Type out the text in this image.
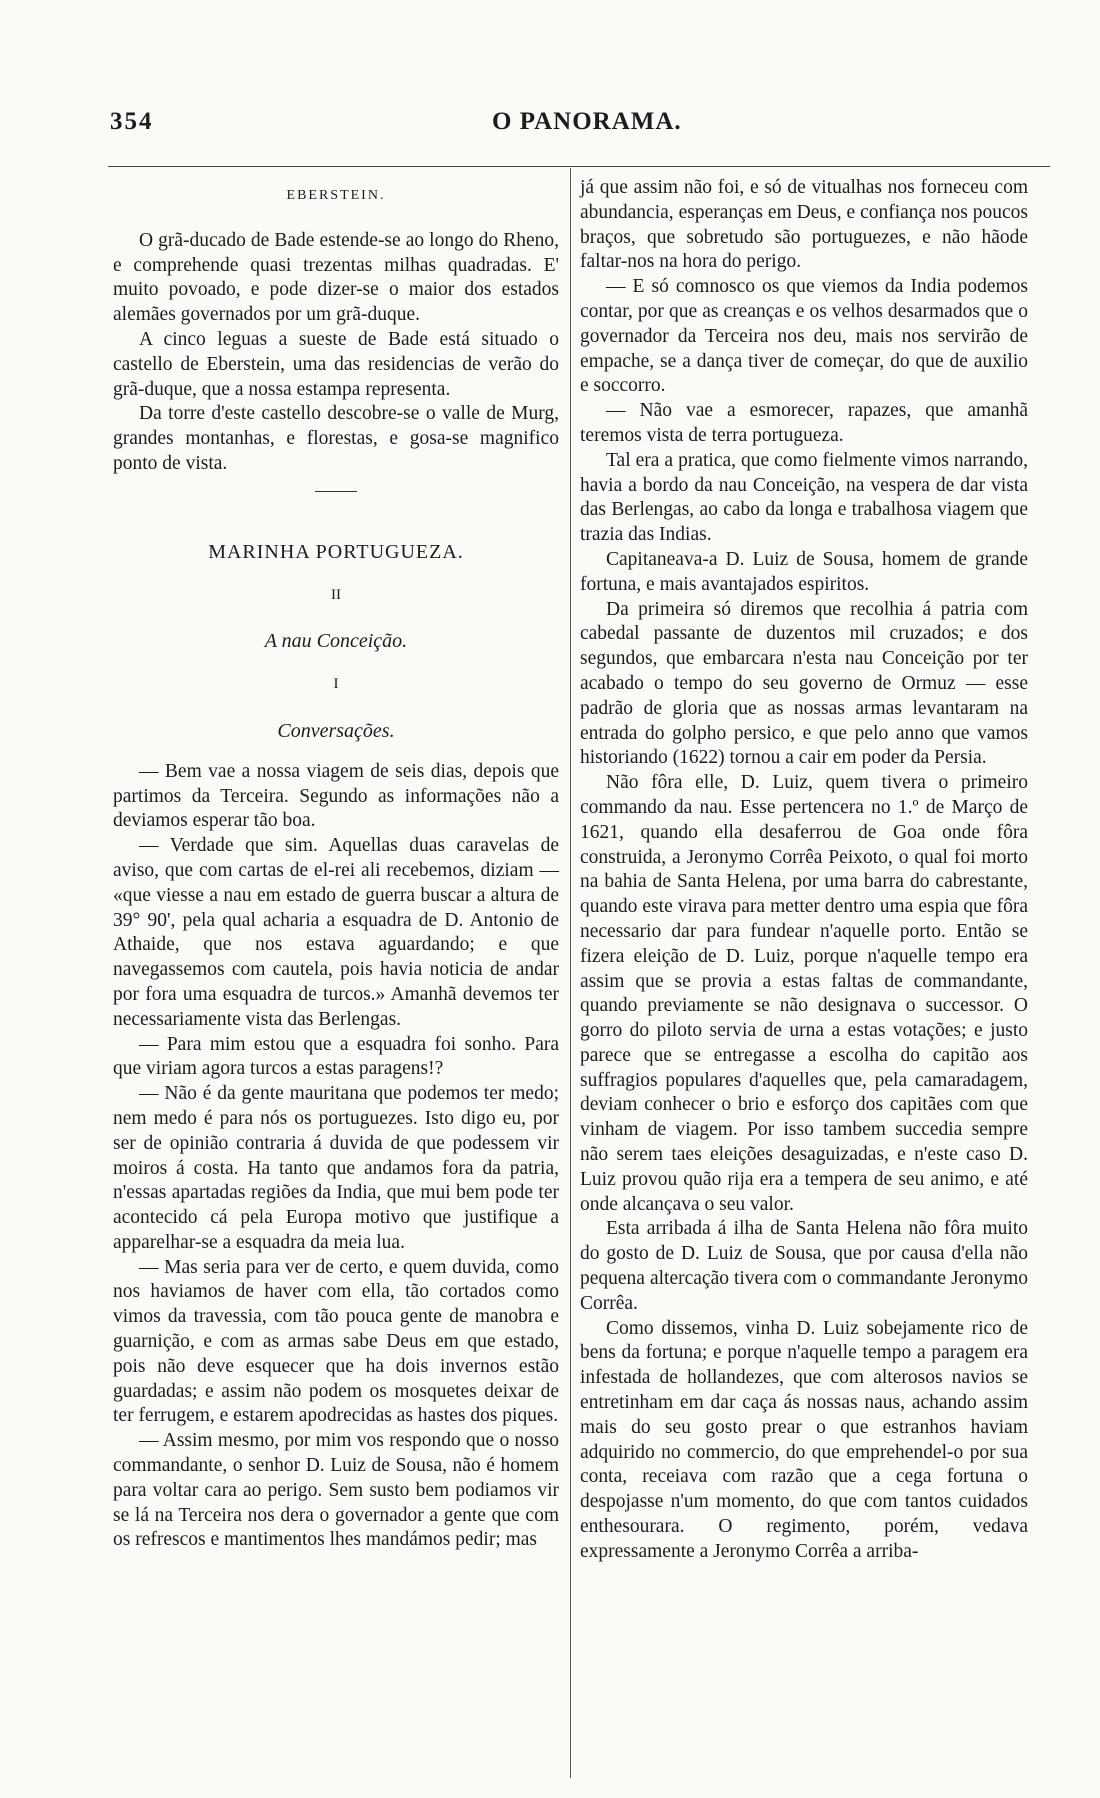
354	O PANORAMA.
EBERSTEIN.

O grã-ducado de Bade estende-se ao longo do Rheno, e comprehende quasi trezentas milhas quadradas. E' muito povoado, e pode dizer-se o maior dos estados alemães governados por um grã-duque.

A cinco leguas a sueste de Bade está situado o castello de Eberstein, uma das residencias de verão do grã-duque, que a nossa estampa representa.

Da torre d'este castello descobre-se o valle de Murg, grandes montanhas, e florestas, e gosa-se magnifico ponto de vista.

MARINHA PORTUGUEZA.
II
A nau Conceição.
I
Conversações.

— Bem vae a nossa viagem de seis dias, depois que partimos da Terceira. Segundo as informações não a deviamos esperar tão boa.

— Verdade que sim. Aquellas duas caravelas de aviso, que com cartas de el-rei ali recebemos, diziam — «que viesse a nau em estado de guerra buscar a altura de 39° 90', pela qual acharia a esquadra de D. Antonio de Athaide, que nos estava aguardando; e que navegassemos com cautela, pois havia noticia de andar por fora uma esquadra de turcos.» Amanhã devemos ter necessariamente vista das Berlengas.

— Para mim estou que a esquadra foi sonho. Para que viriam agora turcos a estas paragens!?

— Não é da gente mauritana que podemos ter medo; nem medo é para nós os portuguezes. Isto digo eu, por ser de opinião contraria á duvida de que podessem vir moiros á costa. Ha tanto que andamos fora da patria, n'essas apartadas regiões da India, que mui bem pode ter acontecido cá pela Europa motivo que justifique a apparelhar-se a esquadra da meia lua.

— Mas seria para ver de certo, e quem duvida, como nos haviamos de haver com ella, tão cortados como vimos da travessia, com tão pouca gente de manobra e guarnição, e com as armas sabe Deus em que estado, pois não deve esquecer que ha dois invernos estão guardadas; e assim não podem os mosquetes deixar de ter ferrugem, e estarem apodrecidas as hastes dos piques.

— Assim mesmo, por mim vos respondo que o nosso commandante, o senhor D. Luiz de Sousa, não é homem para voltar cara ao perigo. Sem susto bem podiamos vir se lá na Terceira nos dera o governador a gente que com os refrescos e mantimentos lhes mandámos pedir; mas

já que assim não foi, e só de vitualhas nos forneceu com abundancia, esperanças em Deus, e confiança nos poucos braços, que sobretudo são portuguezes, e não hãode faltar-nos na hora do perigo.

— E só comnosco os que viemos da India podemos contar, por que as creanças e os velhos desarmados que o governador da Terceira nos deu, mais nos servirão de empache, se a dança tiver de começar, do que de auxilio e soccorro.

— Não vae a esmorecer, rapazes, que amanhã teremos vista de terra portugueza.

Tal era a pratica, que como fielmente vimos narrando, havia a bordo da nau Conceição, na vespera de dar vista das Berlengas, ao cabo da longa e trabalhosa viagem que trazia das Indias.

Capitaneava-a D. Luiz de Sousa, homem de grande fortuna, e mais avantajados espiritos.

Da primeira só diremos que recolhia á patria com cabedal passante de duzentos mil cruzados; e dos segundos, que embarcara n'esta nau Conceição por ter acabado o tempo do seu governo de Ormuz — esse padrão de gloria que as nossas armas levantaram na entrada do golpho persico, e que pelo anno que vamos historiando (1622) tornou a cair em poder da Persia.

Não fôra elle, D. Luiz, quem tivera o primeiro commando da nau. Esse pertencera no 1.º de Março de 1621, quando ella desaferrou de Goa onde fôra construida, a Jeronymo Corrêa Peixoto, o qual foi morto na bahia de Santa Helena, por uma barra do cabrestante, quando este virava para metter dentro uma espia que fôra necessario dar para fundear n'aquelle porto. Então se fizera eleição de D. Luiz, porque n'aquelle tempo era assim que se provia a estas faltas de commandante, quando previamente se não designava o successor. O gorro do piloto servia de urna a estas votações; e justo parece que se entregasse a escolha do capitão aos suffragios populares d'aquelles que, pela camaradagem, deviam conhecer o brio e esforço dos capitães com que vinham de viagem. Por isso tambem succedia sempre não serem taes eleições desaguizadas, e n'este caso D. Luiz provou quão rija era a tempera de seu animo, e até onde alcançava o seu valor.

Esta arribada á ilha de Santa Helena não fôra muito do gosto de D. Luiz de Sousa, que por causa d'ella não pequena altercação tivera com o commandante Jeronymo Corrêa.

Como dissemos, vinha D. Luiz sobejamente rico de bens da fortuna; e porque n'aquelle tempo a paragem era infestada de hollandezes, que com alterosos navios se entretinham em dar caça ás nossas naus, achando assim mais do seu gosto prear o que estranhos haviam adquirido no commercio, do que emprehendel-o por sua conta, receiava com razão que a cega fortuna o despojasse n'um momento, do que com tantos cuidados enthesourara. O regimento, porém, vedava expressamente a Jeronymo Corrêa a arriba-
